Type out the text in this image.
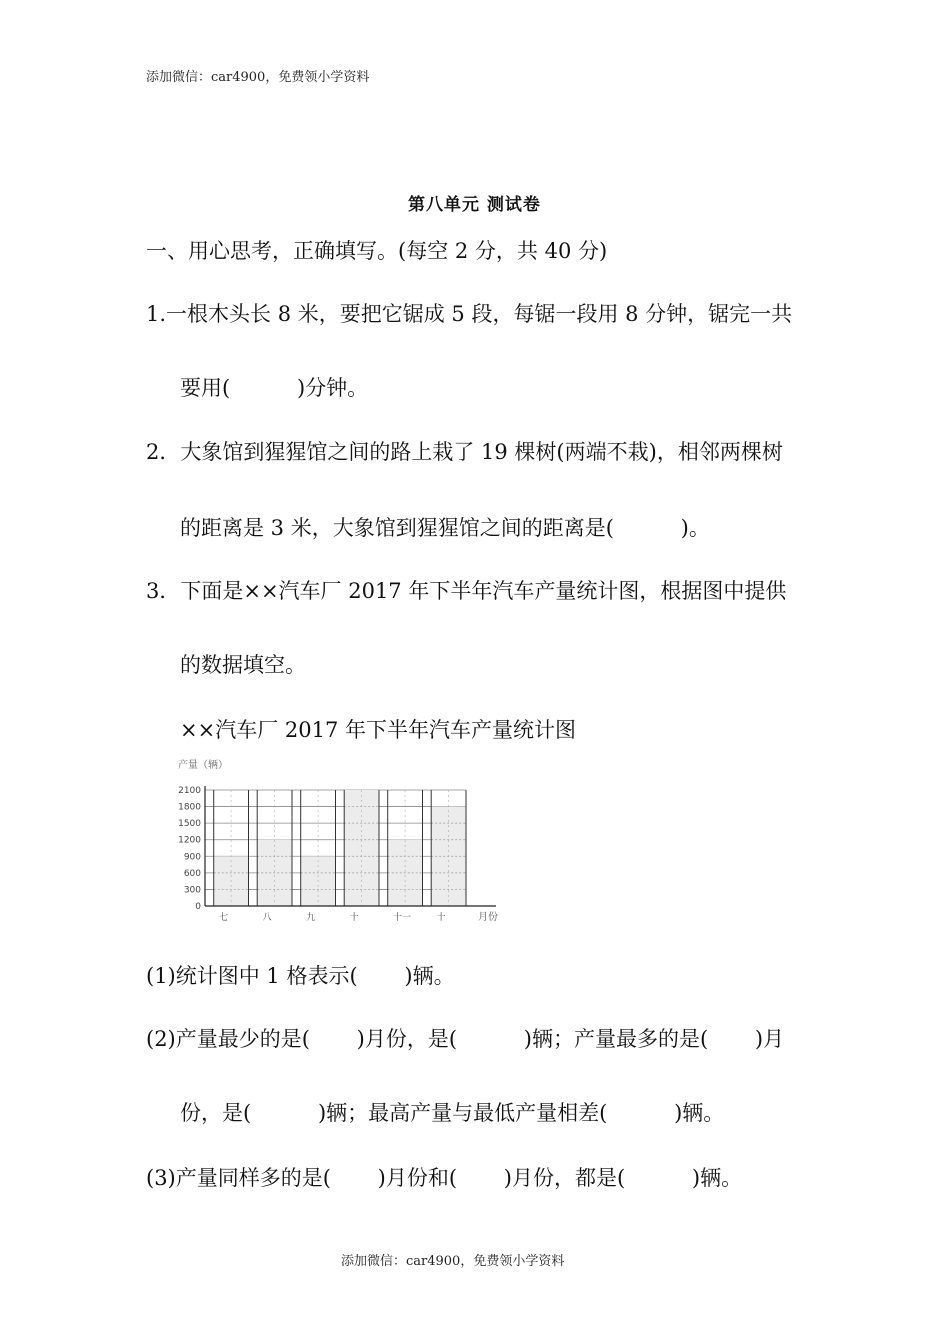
添加微信：car4900，免费领小学资料
第八单元 测试卷
一、用心思考，正确填写。(每空 2 分，共 40 分)
1.一根木头长 8 米，要把它锯成 5 段，每锯一段用 8 分钟，锯完一共
要用(          )分钟。
2．大象馆到猩猩馆之间的路上栽了 19 棵树(两端不栽)，相邻两棵树
的距离是 3 米，大象馆到猩猩馆之间的距离是(          )。
3．下面是××汽车厂 2017 年下半年汽车产量统计图，根据图中提供
的数据填空。
××汽车厂 2017 年下半年汽车产量统计图
产量（辆）
七	八	九	十	十一	十
0
300
600
900
1200
1500
1800
2100
月份
(1)统计图中 1 格表示(       )辆。
(2)产量最少的是(       )月份，是(          )辆；产量最多的是(       )月
份，是(          )辆；最高产量与最低产量相差(          )辆。
(3)产量同样多的是(       )月份和(       )月份，都是(          )辆。
添加微信：car4900，免费领小学资料
